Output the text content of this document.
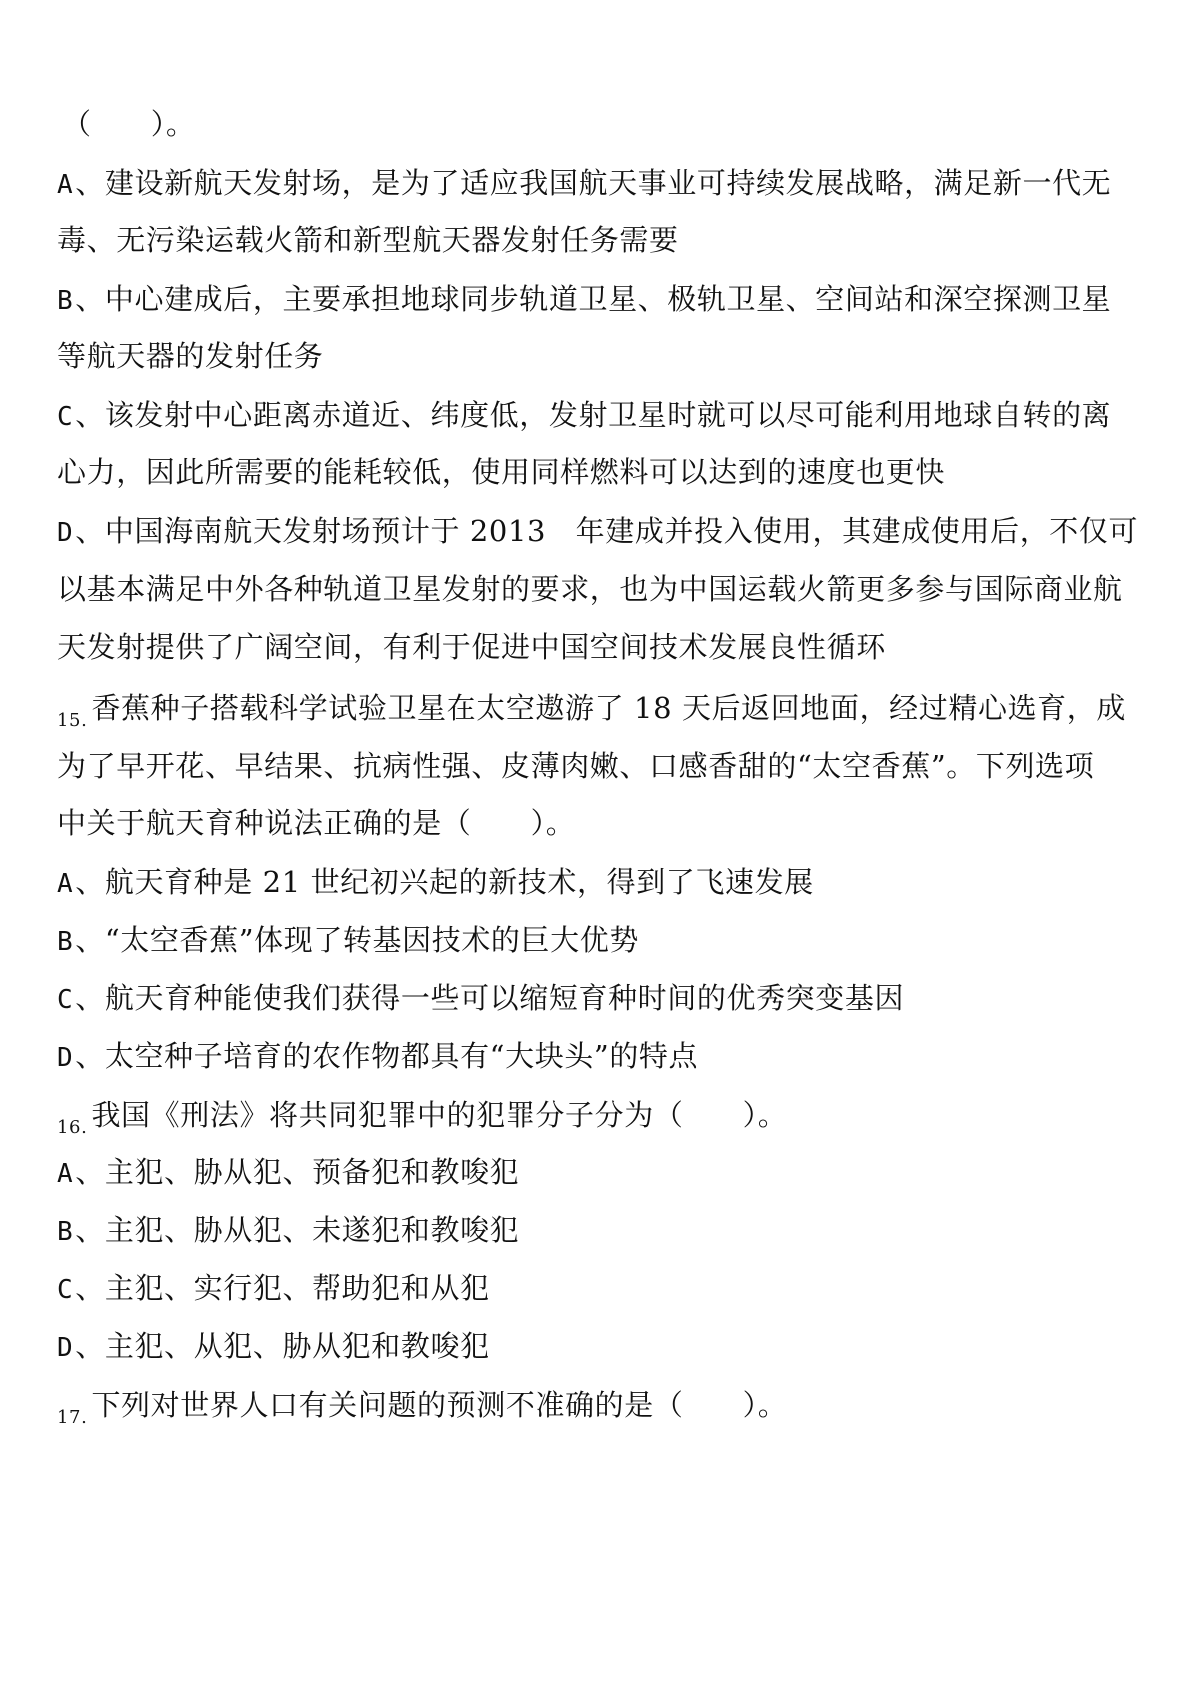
（　　）。
A、建设新航天发射场，是为了适应我国航天事业可持续发展战略，满足新一代无
毒、无污染运载火箭和新型航天器发射任务需要
B、中心建成后，主要承担地球同步轨道卫星、极轨卫星、空间站和深空探测卫星
等航天器的发射任务
C、该发射中心距离赤道近、纬度低，发射卫星时就可以尽可能利用地球自转的离
心力，因此所需要的能耗较低，使用同样燃料可以达到的速度也更快
D、中国海南航天发射场预计于 2013　年建成并投入使用，其建成使用后，不仅可
以基本满足中外各种轨道卫星发射的要求，也为中国运载火箭更多参与国际商业航
天发射提供了广阔空间，有利于促进中国空间技术发展良性循环
$_{15.}$ 香蕉种子搭载科学试验卫星在太空遨游了 18 天后返回地面，经过精心选育，成
为了早开花、早结果、抗病性强、皮薄肉嫩、口感香甜的“太空香蕉”。下列选项
中关于航天育种说法正确的是（　　）。
A、航天育种是 21 世纪初兴起的新技术，得到了飞速发展
B、“太空香蕉”体现了转基因技术的巨大优势
C、航天育种能使我们获得一些可以缩短育种时间的优秀突变基因
D、太空种子培育的农作物都具有“大块头”的特点
$_{16.}$ 我国《刑法》将共同犯罪中的犯罪分子分为（　　）。
A、主犯、胁从犯、预备犯和教唆犯
B、主犯、胁从犯、未遂犯和教唆犯
C、主犯、实行犯、帮助犯和从犯
D、主犯、从犯、胁从犯和教唆犯
$_{17.}$ 下列对世界人口有关问题的预测不准确的是（　　）。
